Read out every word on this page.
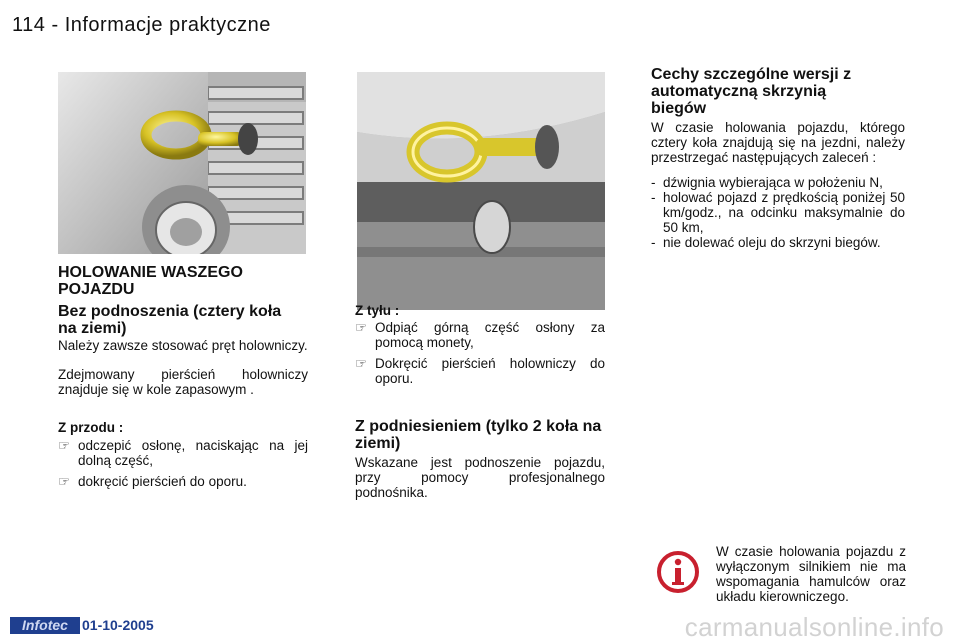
114 - Informacje praktyczne
HOLOWANIE WASZEGO POJAZDU
Bez podnoszenia (cztery koła na ziemi)
Należy zawsze stosować pręt holowniczy.
Zdejmowany pierścień holowniczy znajduje się w kole zapasowym .
Z przodu :
☞ odczepić osłonę, naciskając na jej dolną część,
☞ dokręcić pierścień do oporu.
Z tyłu :
☞ Odpiąć górną część osłony za pomocą monety,
☞ Dokręcić pierścień holowniczy do oporu.
Z podniesieniem (tylko 2 koła na ziemi)
Wskazane jest podnoszenie pojazdu, przy pomocy profesjonalnego podnośnika.
Cechy szczególne wersji z automatyczną skrzynią biegów
W czasie holowania pojazdu, którego cztery koła znajdują się na jezdni, należy przestrzegać następujących zaleceń :
- dźwignia wybierająca w położeniu N,
- holować pojazd z prędkością poniżej 50 km/godz., na odcinku maksymalnie do 50 km,
- nie dolewać oleju do skrzyni biegów.
W czasie holowania pojazdu z wyłączonym silnikiem nie ma wspomagania hamulców oraz układu kierowniczego.
Infotec	01-10-2005	carmanualsonline.info
